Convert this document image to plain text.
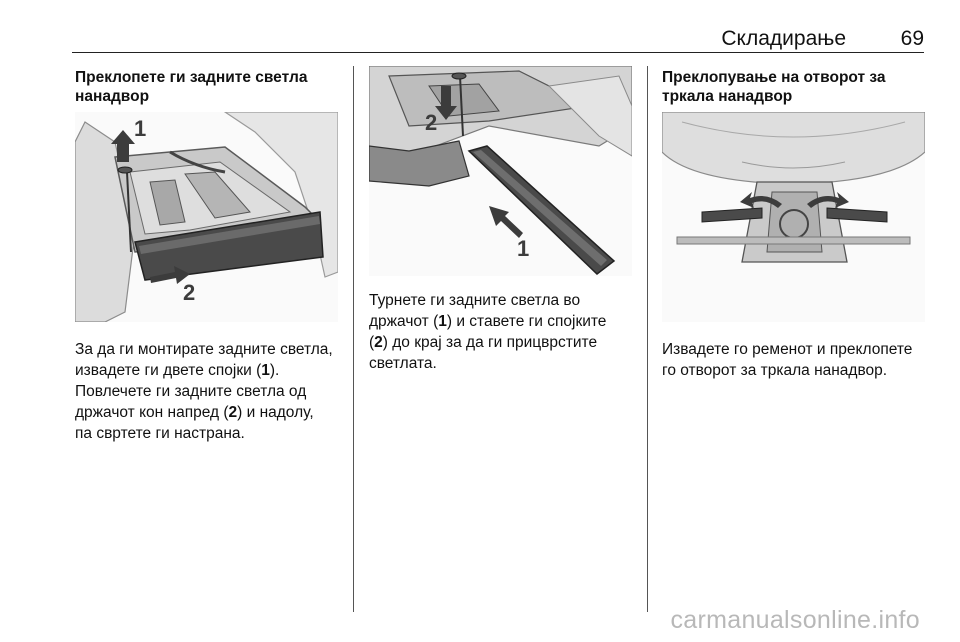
Складирање	69
Преклопете ги задните светла
нанадвор
1
2

За да ги монтирате задните светла,
извадете ги двете спојки (1).
Повлечете ги задните светла од
држачот кон напред (2) и надолу,
па свртете ги настрана.

2
1

Турнете ги задните светла во
држачот (1) и ставете ги спојките
(2) до крај за да ги прицврстите
светлата.

Преклопување на отворот за
тркала нанадвор

Извадете го ременот и преклопете
го отворот за тркала нанадвор.

carmanualsonline.info
